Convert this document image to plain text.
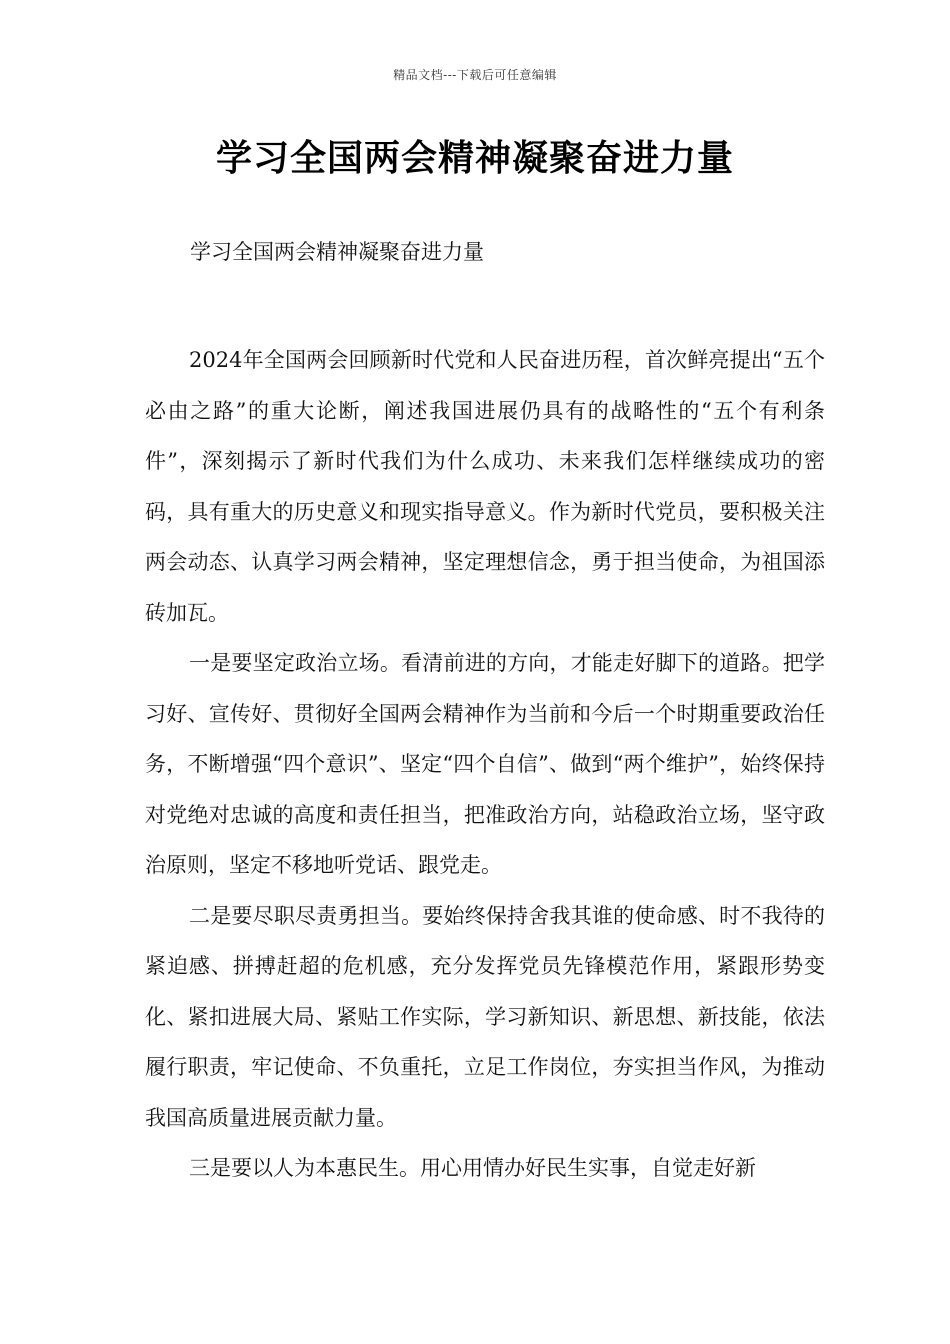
精品文档---下载后可任意编辑
学习全国两会精神凝聚奋进力量

学习全国两会精神凝聚奋进力量

2024年全国两会回顾新时代党和人民奋进历程，首次鲜亮提出“五个必由之路”的重大论断，阐述我国进展仍具有的战略性的“五个有利条件”，深刻揭示了新时代我们为什么成功、未来我们怎样继续成功的密码，具有重大的历史意义和现实指导意义。作为新时代党员，要积极关注两会动态、认真学习两会精神，坚定理想信念，勇于担当使命，为祖国添砖加瓦。

一是要坚定政治立场。看清前进的方向，才能走好脚下的道路。把学习好、宣传好、贯彻好全国两会精神作为当前和今后一个时期重要政治任务，不断增强“四个意识”、坚定“四个自信”、做到“两个维护”，始终保持对党绝对忠诚的高度和责任担当，把准政治方向，站稳政治立场，坚守政治原则，坚定不移地听党话、跟党走。

二是要尽职尽责勇担当。要始终保持舍我其谁的使命感、时不我待的紧迫感、拼搏赶超的危机感，充分发挥党员先锋模范作用，紧跟形势变化、紧扣进展大局、紧贴工作实际，学习新知识、新思想、新技能，依法履行职责，牢记使命、不负重托，立足工作岗位，夯实担当作风，为推动我国高质量进展贡献力量。

三是要以人为本惠民生。用心用情办好民生实事，自觉走好新
